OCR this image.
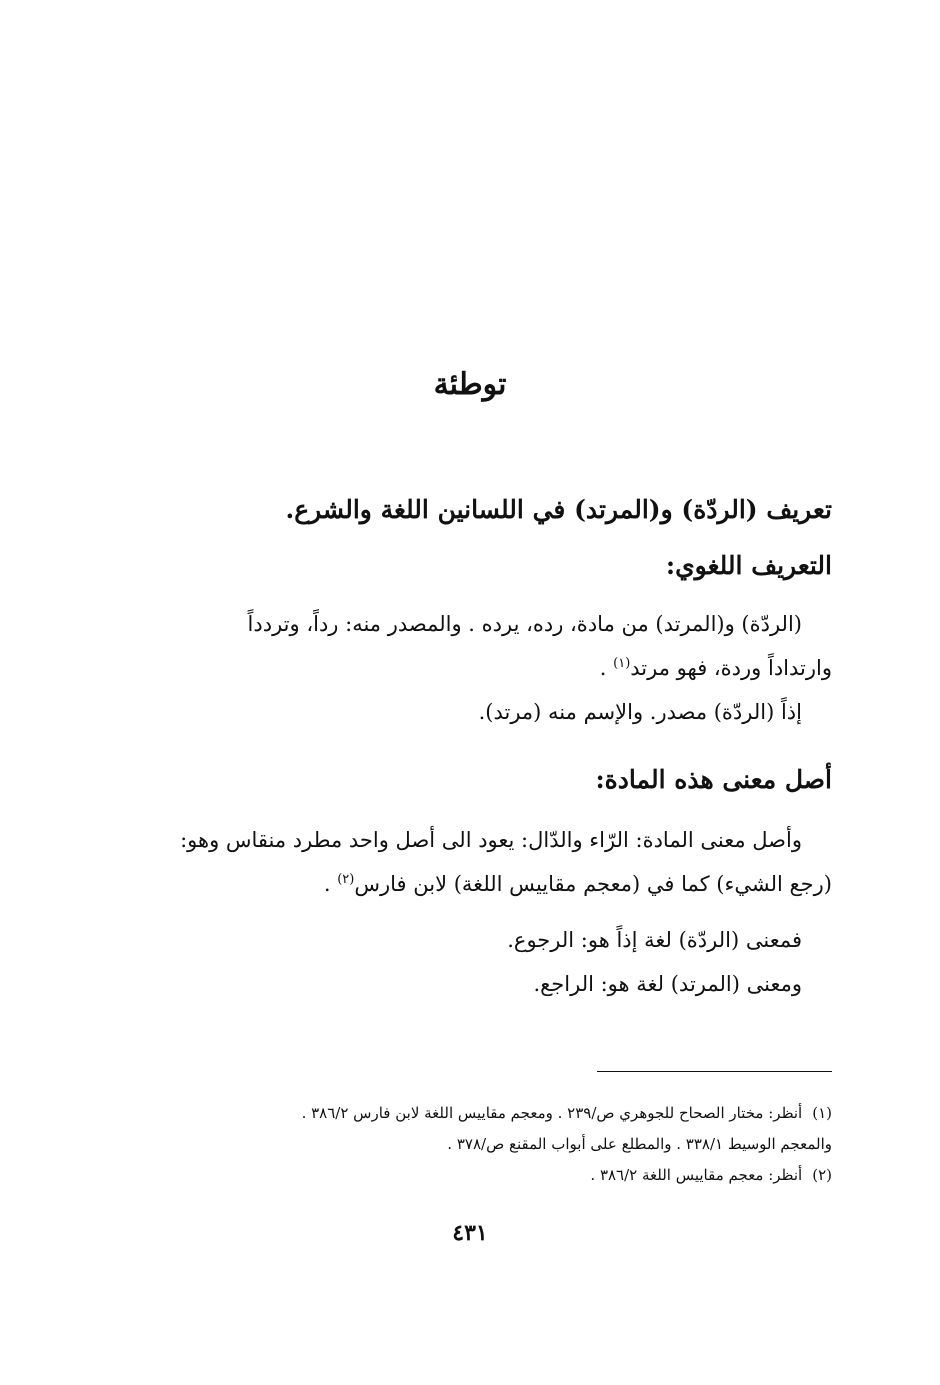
توطئة
تعريف (الردّة) و(المرتد) في اللسانين اللغة والشرع.
التعريف اللغوي:
(الردّة) و(المرتد) من مادة، رده، يرده . والمصدر منه: رداً، وتردداً
وارتداداً وردة، فهو مرتد$^{(١)}$ .
إذاً (الردّة) مصدر. والإسم منه (مرتد).
أصل معنى هذه المادة:
وأصل معنى المادة: الرّاء والدّال: يعود الى أصل واحد مطرد منقاس وهو:
(رجع الشيء) كما في (معجم مقاييس اللغة) لابن فارس$^{(٢)}$ .
فمعنى (الردّة) لغة إذاً هو: الرجوع.
ومعنى (المرتد) لغة هو: الراجع.
(١)أنظر: مختار الصحاح للجوهري ص/٢٣٩ . ومعجم مقاييس اللغة لابن فارس ٣٨٦/٢ .
والمعجم الوسيط ٣٣٨/١ . والمطلع على أبواب المقنع ص/٣٧٨ .
(٢)أنظر: معجم مقاييس اللغة ٣٨٦/٢ .
٤٣١
